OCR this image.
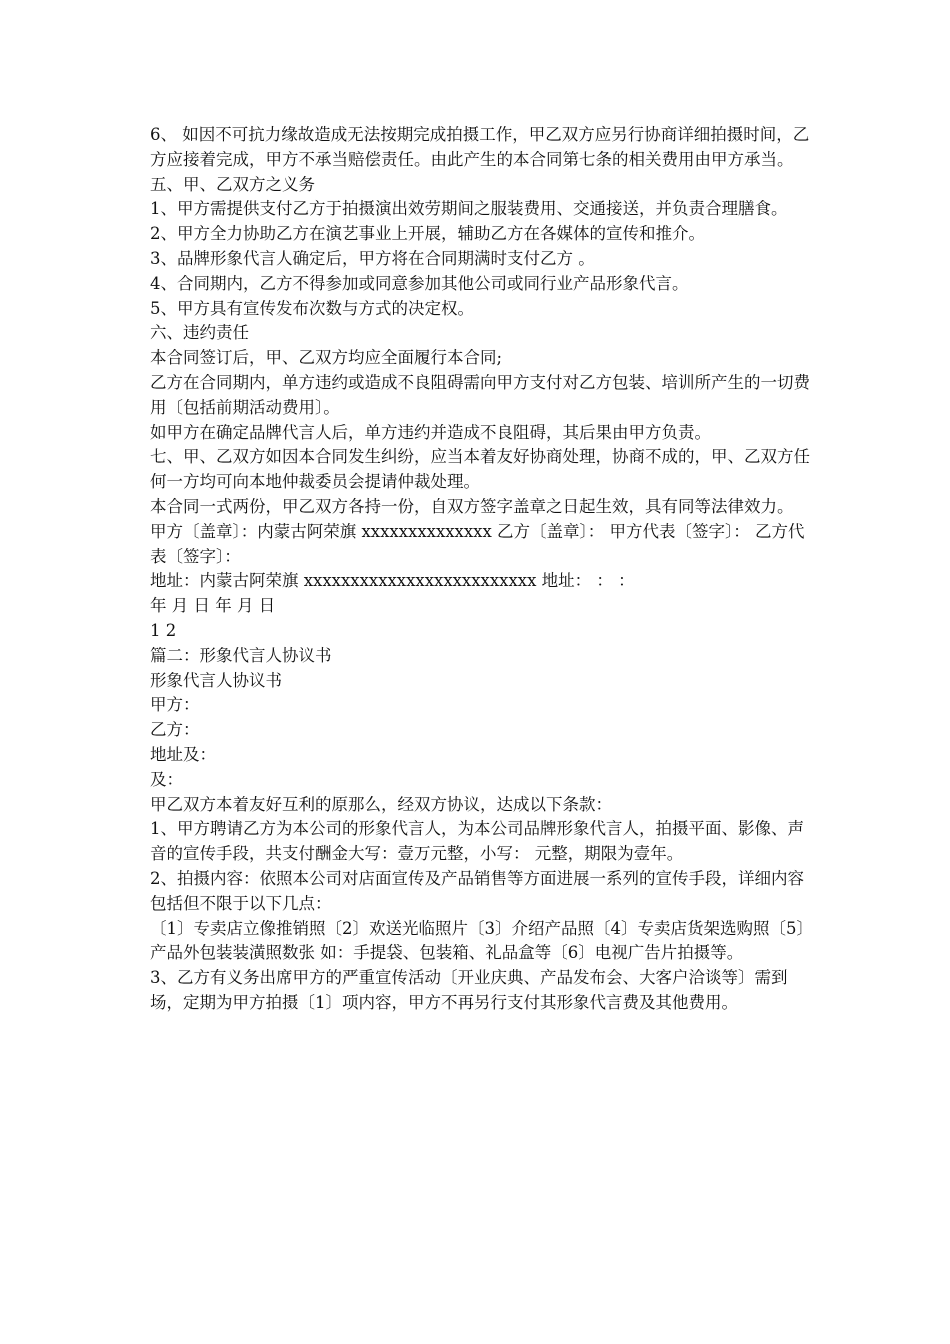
6、 如因不可抗力缘故造成无法按期完成拍摄工作，甲乙双方应另行协商详细拍摄时间，乙方应接着完成，甲方不承当赔偿责任。由此产生的本合同第七条的相关费用由甲方承当。

五、甲、乙双方之义务

1、甲方需提供支付乙方于拍摄演出效劳期间之服装费用、交通接送，并负责合理膳食。

2、甲方全力协助乙方在演艺事业上开展，辅助乙方在各媒体的宣传和推介。

3、品牌形象代言人确定后，甲方将在合同期满时支付乙方 。

4、合同期内，乙方不得参加或同意参加其他公司或同行业产品形象代言。

5、甲方具有宣传发布次数与方式的决定权。

六、违约责任

本合同签订后，甲、乙双方均应全面履行本合同;

乙方在合同期内，单方违约或造成不良阻碍需向甲方支付对乙方包装、培训所产生的一切费用〔包括前期活动费用〕。

如甲方在确定品牌代言人后，单方违约并造成不良阻碍，其后果由甲方负责。

七、甲、乙双方如因本合同发生纠纷，应当本着友好协商处理，协商不成的，甲、乙双方任何一方均可向本地仲裁委员会提请仲裁处理。

本合同一式两份，甲乙双方各持一份，自双方签字盖章之日起生效，具有同等法律效力。

甲方〔盖章〕：内蒙古阿荣旗 xxxxxxxxxxxxxx 乙方〔盖章〕： 甲方代表〔签字〕： 乙方代表〔签字〕：

地址：内蒙古阿荣旗 xxxxxxxxxxxxxxxxxxxxxxxxx 地址： ： ：

年 月 日 年 月 日

1 2

篇二：形象代言人协议书

形象代言人协议书

甲方：

乙方：

地址及：

及：

甲乙双方本着友好互利的原那么，经双方协议，达成以下条款：

1、甲方聘请乙方为本公司的形象代言人，为本公司品牌形象代言人，拍摄平面、影像、声音的宣传手段，共支付酬金大写：壹万元整，小写： 元整，期限为壹年。

2、拍摄内容：依照本公司对店面宣传及产品销售等方面进展一系列的宣传手段，详细内容包括但不限于以下几点：

〔1〕专卖店立像推销照〔2〕欢送光临照片〔3〕介绍产品照〔4〕专卖店货架选购照〔5〕产品外包装装潢照数张 如：手提袋、包装箱、礼品盒等〔6〕电视广告片拍摄等。

3、乙方有义务出席甲方的严重宣传活动〔开业庆典、产品发布会、大客户洽谈等〕需到场，定期为甲方拍摄〔1〕项内容，甲方不再另行支付其形象代言费及其他费用。
